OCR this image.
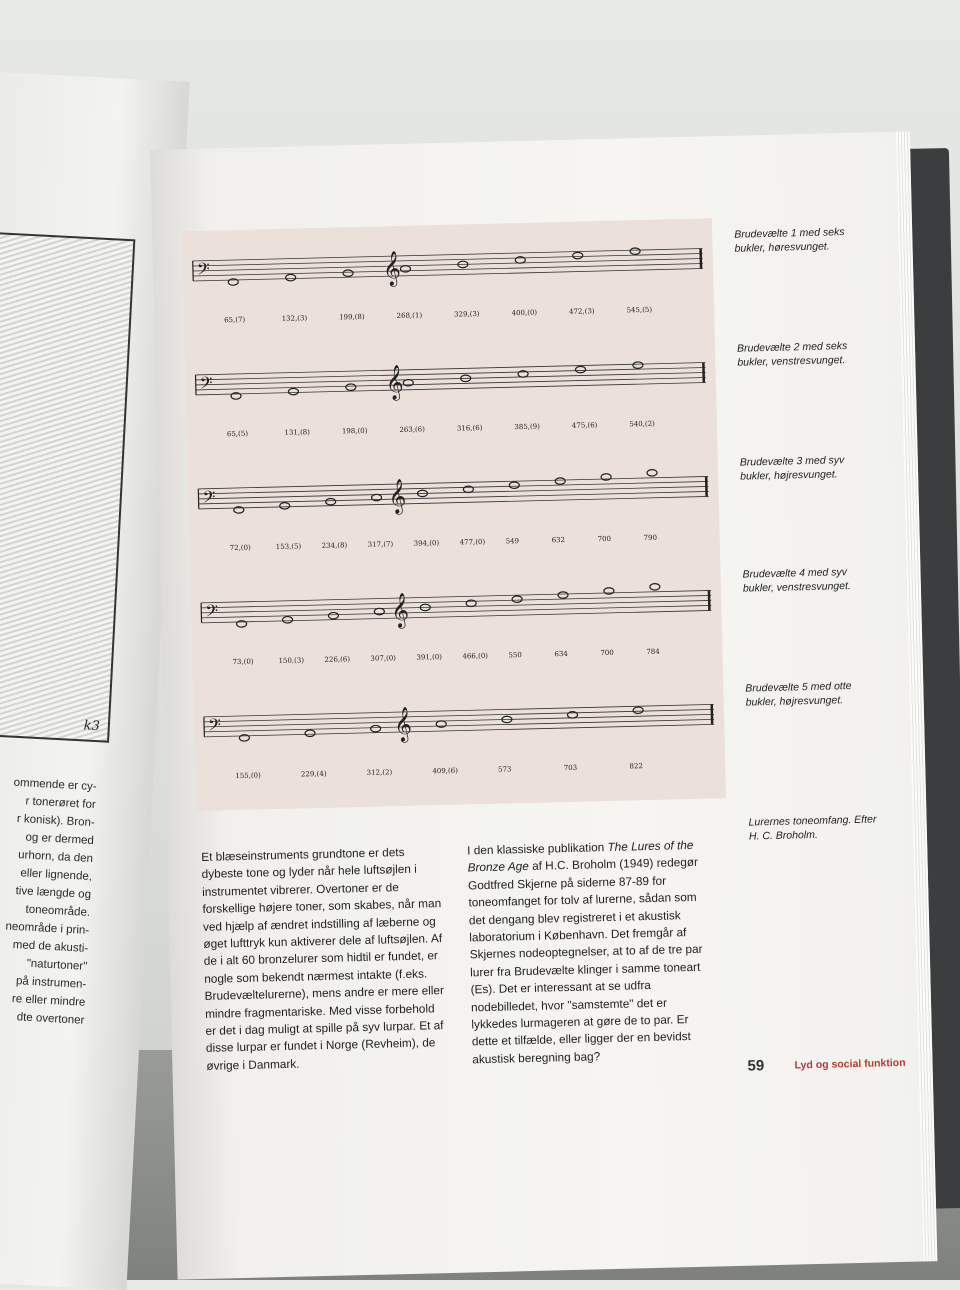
k3
ommende er cy-
r tonerøret for
r konisk). Bron-
og er dermed
urhorn, da den
eller lignende,
tive længde og
toneområde.
neområde i prin-
med de akusti-
"naturtoner"
på instrumen-
re eller mindre
dte overtoner
𝄢	𝄞
𝄢	𝄞
𝄢	𝄞
𝄢	𝄞
𝄢	𝄞
65,(7)	132,(3)	199,(8)	268,(1)	329,(3)	400,(0)	472,(3)	545,(5)
65,(5)	131,(8)	198,(0)	263,(6)	316,(6)	385,(9)	475,(6)	540,(2)
72,(0)	153,(5)	234,(8)	317,(7)	394,(0)	477,(0)	549	632	700	790
73,(0)	150,(3)	226,(6)	307,(0)	391,(0)	466,(0)	550	634	700	784
155,(0)	229,(4)	312,(2)	409,(6)	573	703	822
Brudevælte 1 med seks bukler, høresvunget.
Brudevælte 2 med seks bukler, venstresvunget.
Brudevælte 3 med syv bukler, højresvunget.
Brudevælte 4 med syv bukler, venstresvunget.
Brudevælte 5 med otte bukler, højresvunget.
Lurernes toneomfang. Efter H. C. Broholm.

Et blæseinstruments grundtone er dets dybeste tone og lyder når hele luftsøjlen i instrumentet vibrerer. Overtoner er de forskellige højere toner, som skabes, når man ved hjælp af ændret indstilling af læberne og øget lufttryk kun aktiverer dele af luftsøjlen. Af de i alt 60 bronzelurer som hidtil er fundet, er nogle som bekendt nærmest intakte (f.eks. Brudevæltelurerne), mens andre er mere eller mindre fragmentariske. Med visse forbehold er det i dag muligt at spille på syv lurpar. Et af disse lurpar er fundet i Norge (Revheim), de øvrige i Danmark.

I den klassiske publikation The Lures of the Bronze Age af H.C. Broholm (1949) redegør Godtfred Skjerne på siderne 87-89 for toneomfanget for tolv af lurerne, sådan som det dengang blev registreret i et akustisk laboratorium i København. Det fremgår af Skjernes nodeoptegnelser, at to af de tre par lurer fra Brudevælte klinger i samme toneart (Es). Det er interessant at se udfra nodebilledet, hvor "samstemte" det er lykkedes lurmageren at gøre de to par. Er dette et tilfælde, eller ligger der en bevidst akustisk beregning bag?	59	Lyd og social funktion
